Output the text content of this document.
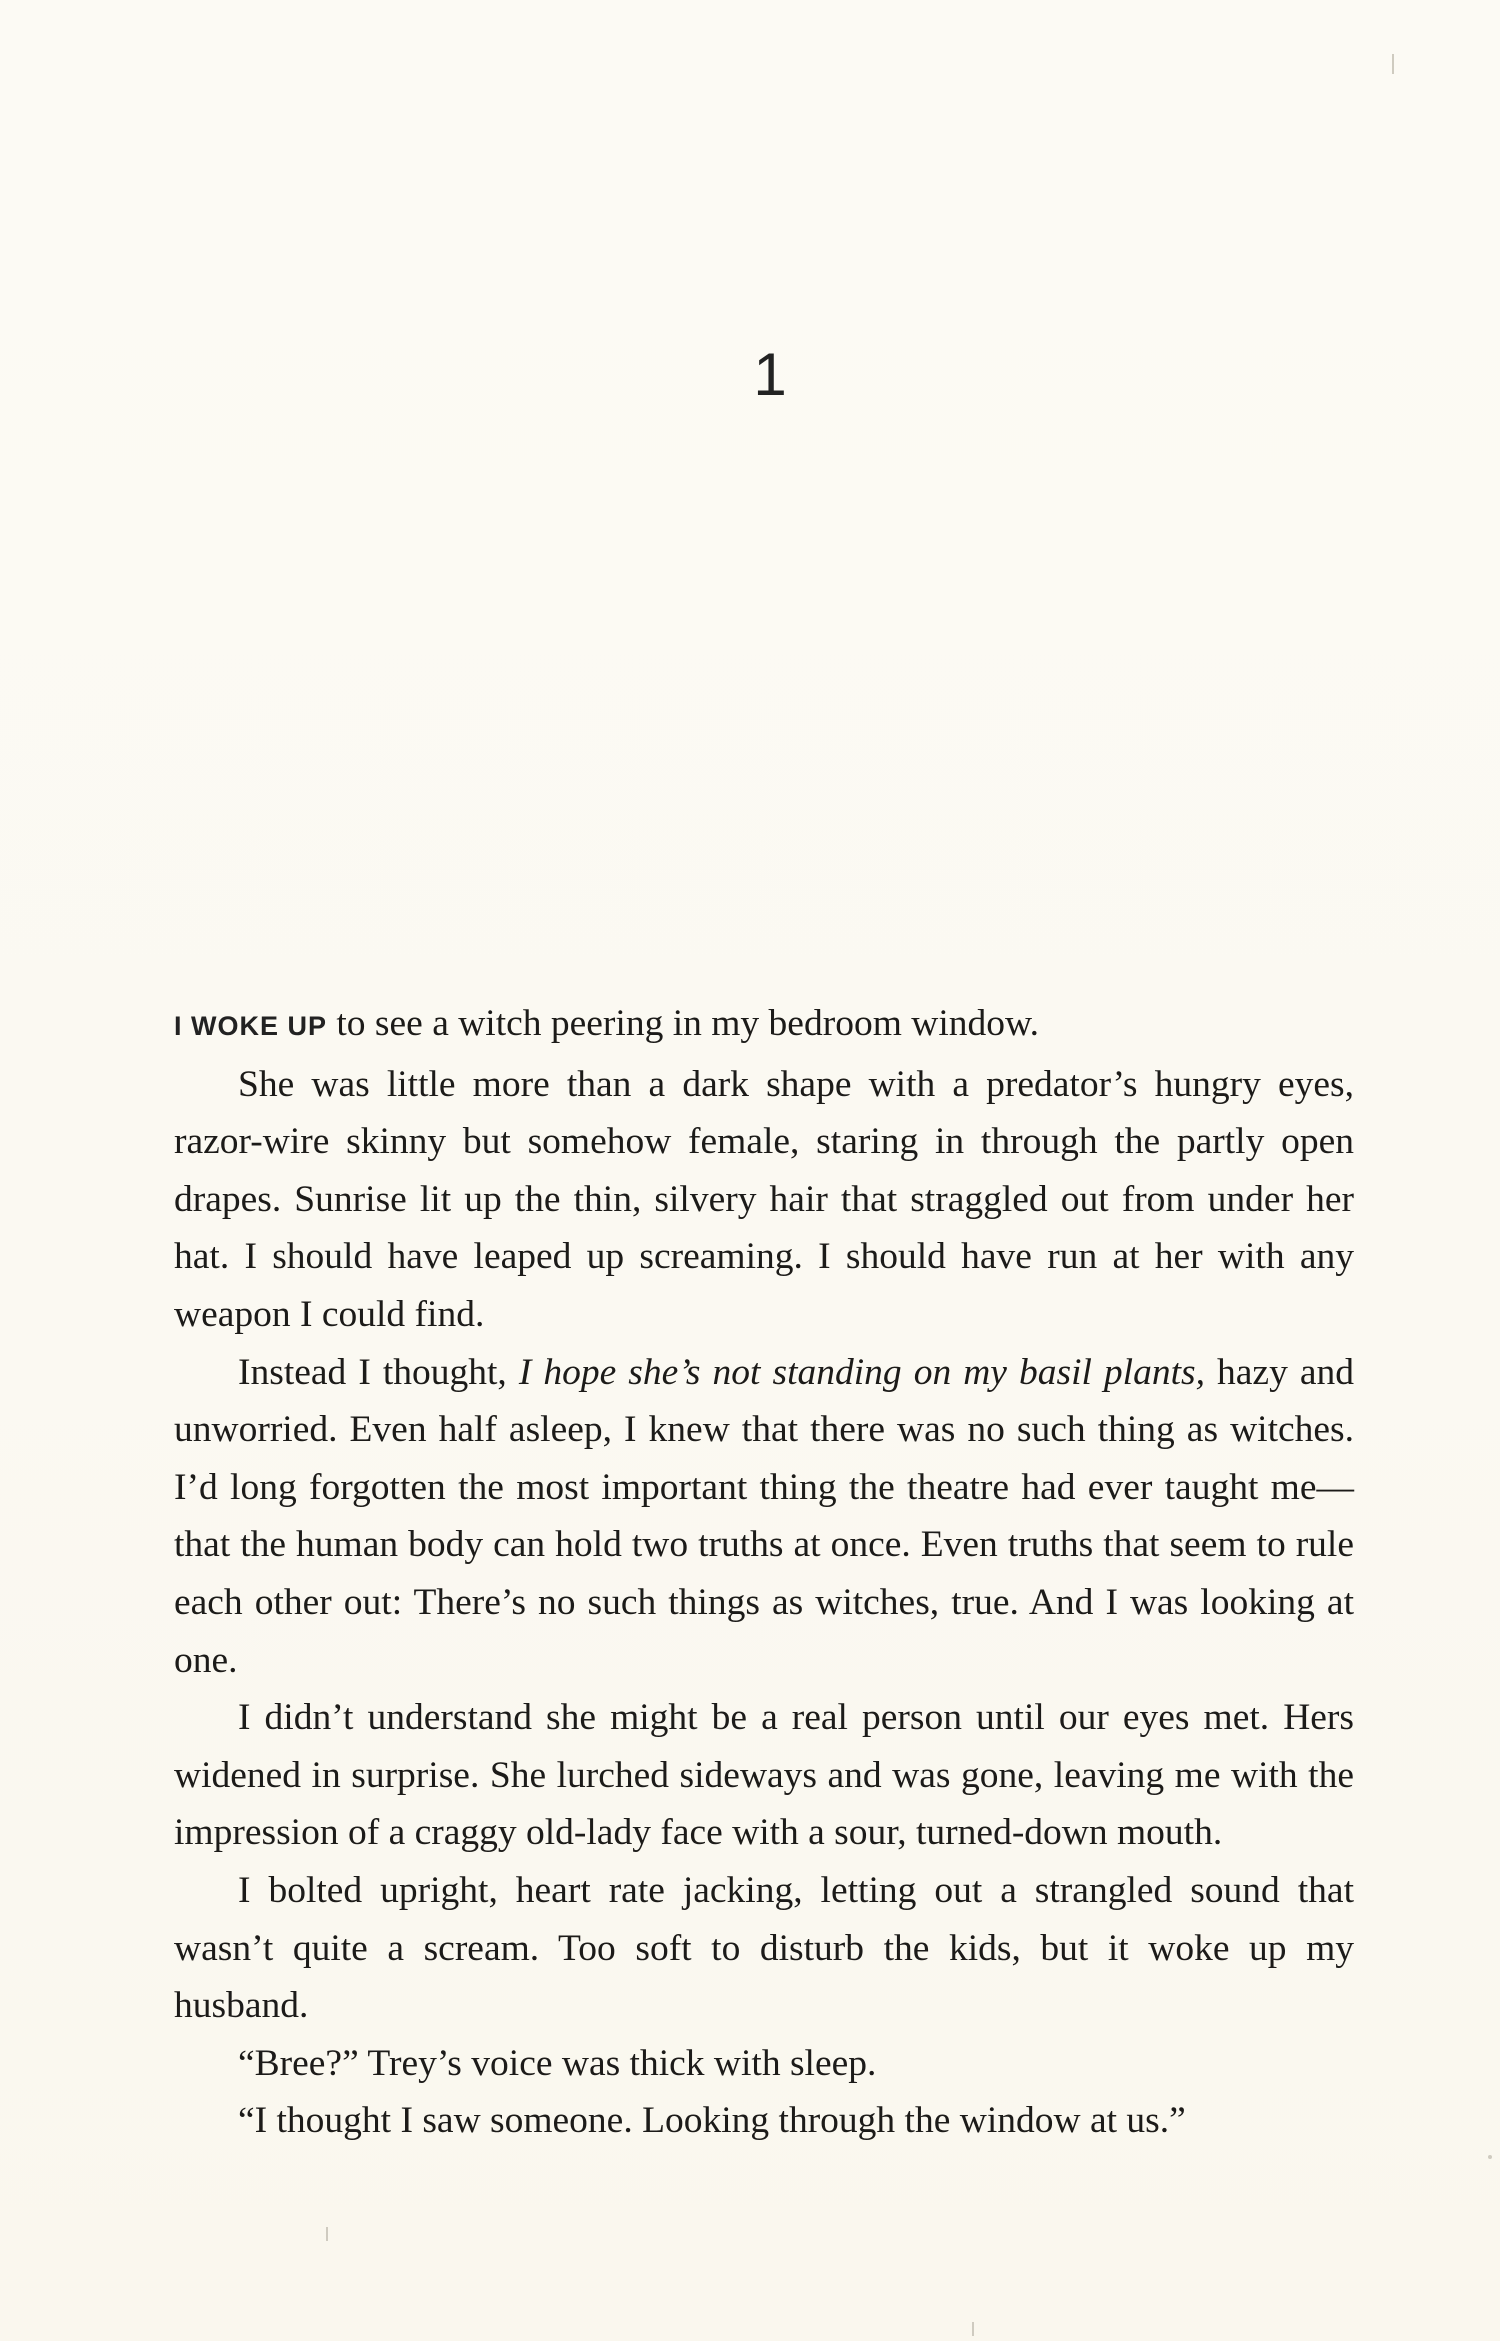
1

I WOKE UP to see a witch peering in my bedroom window.

She was little more than a dark shape with a predator’s hungry eyes, razor-wire skinny but somehow female, staring in through the partly open drapes. Sunrise lit up the thin, silvery hair that straggled out from under her hat. I should have leaped up screaming. I should have run at her with any weapon I could find.

Instead I thought, I hope she’s not standing on my basil plants, hazy and unworried. Even half asleep, I knew that there was no such thing as witches. I’d long forgotten the most important thing the theatre had ever taught me—that the human body can hold two truths at once. Even truths that seem to rule each other out: There’s no such things as witches, true. And I was looking at one.

I didn’t understand she might be a real person until our eyes met. Hers widened in surprise. She lurched sideways and was gone, leaving me with the impression of a craggy old-lady face with a sour, turned-down mouth.

I bolted upright, heart rate jacking, letting out a strangled sound that wasn’t quite a scream. Too soft to disturb the kids, but it woke up my husband.

“Bree?” Trey’s voice was thick with sleep.

“I thought I saw someone. Looking through the window at us.”
